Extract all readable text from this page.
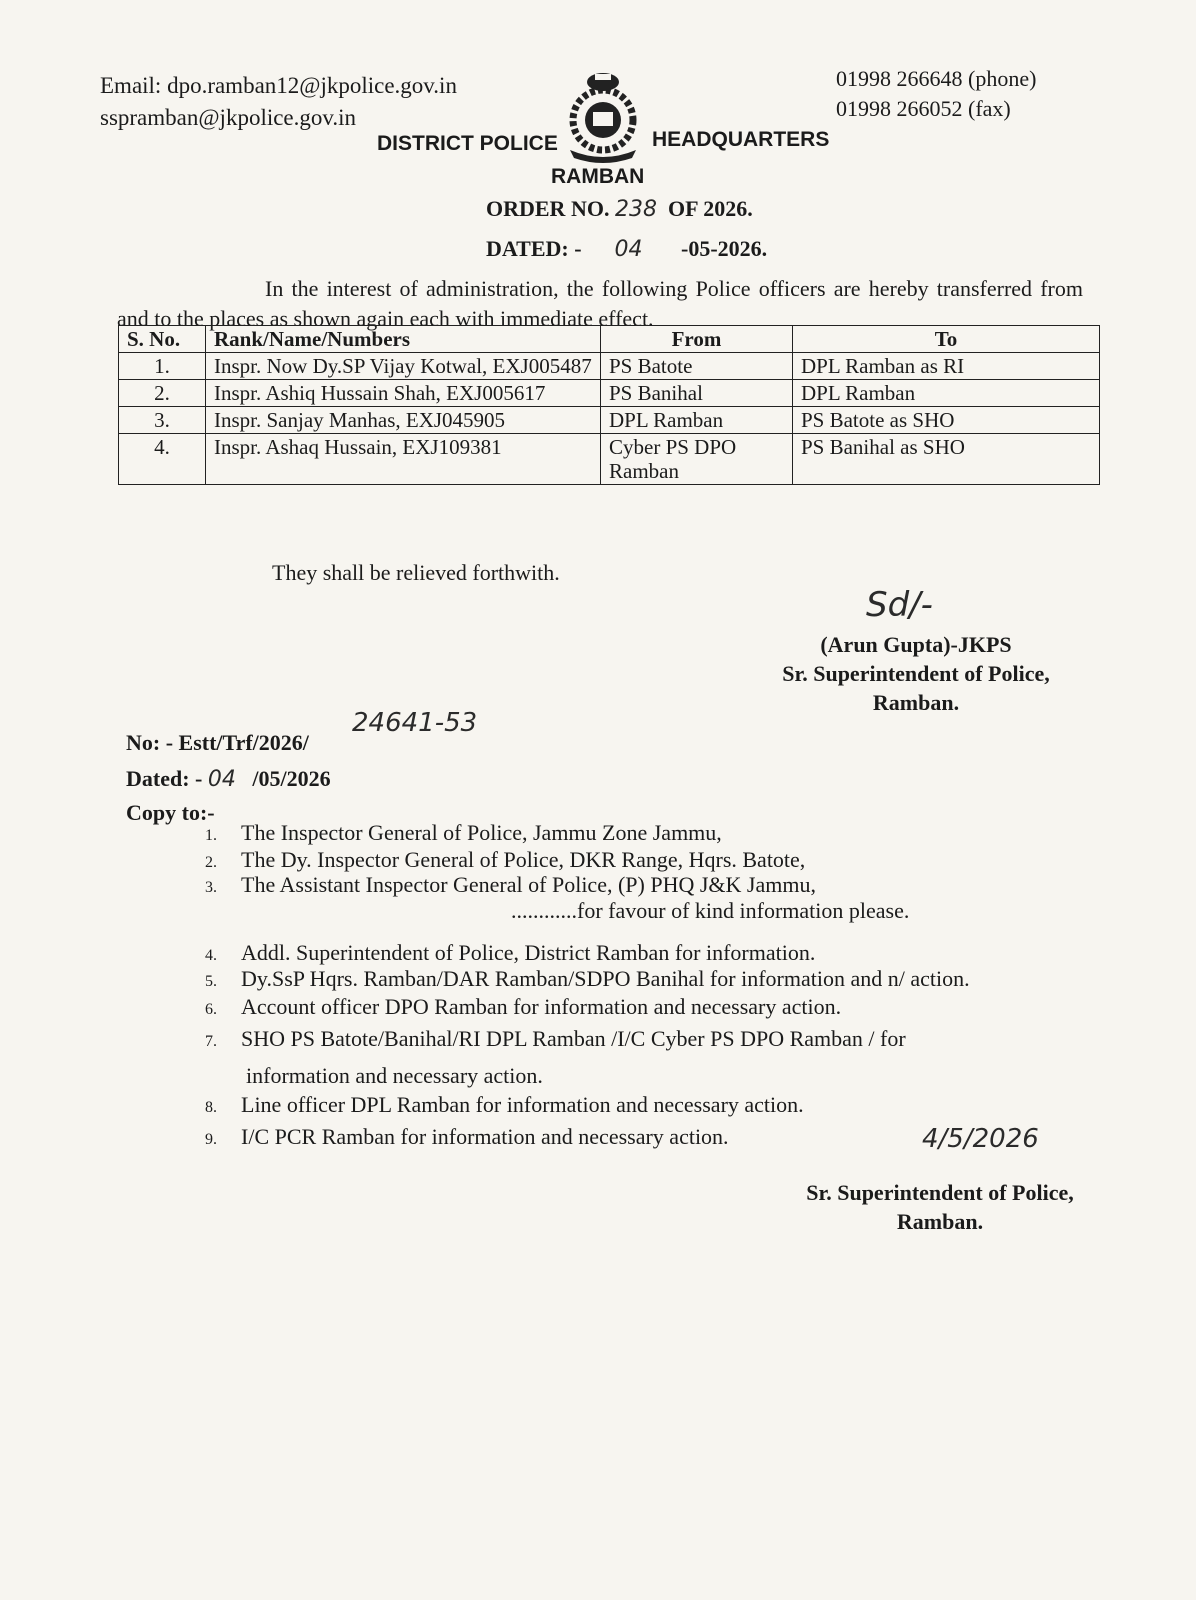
Email: dpo.ramban12@jkpolice.gov.in
sspramban@jkpolice.gov.in
01998 266648 (phone)
01998 266052 (fax)
DISTRICT POLICE	HEADQUARTERS
RAMBAN
ORDER NO. 238 OF 2026.
DATED: - 04 -05-2026.

In the interest of administration, the following Police officers are hereby transferred from and to the places as shown again each with immediate effect.

S. No.	Rank/Name/Numbers	From	To
1.	Inspr. Now Dy.SP Vijay Kotwal, EXJ005487	PS Batote	DPL Ramban as RI
2.	Inspr. Ashiq Hussain Shah, EXJ005617	PS Banihal	DPL Ramban
3.	Inspr. Sanjay Manhas, EXJ045905	DPL Ramban	PS Batote as SHO
4.	Inspr. Ashaq Hussain, EXJ109381	Cyber PS DPO Ramban	PS Banihal as SHO
They shall be relieved forthwith.
Sd/-
(Arun Gupta)-JKPS
Sr. Superintendent of Police,
Ramban.
No: - Estt/Trf/2026/
24641-53
Dated: - 04 /05/2026
Copy to:-
1. The Inspector General of Police, Jammu Zone Jammu,
2. The Dy. Inspector General of Police, DKR Range, Hqrs. Batote,
3. The Assistant Inspector General of Police, (P) PHQ J&K Jammu,
............for favour of kind information please.
4. Addl. Superintendent of Police, District Ramban for information.
5. Dy.SsP Hqrs. Ramban/DAR Ramban/SDPO Banihal for information and n/ action.
6. Account officer DPO Ramban for information and necessary action.
7. SHO PS Batote/Banihal/RI DPL Ramban /I/C Cyber PS DPO Ramban / for
information and necessary action.
8. Line officer DPL Ramban for information and necessary action.
9. I/C PCR Ramban for information and necessary action.	4/5/2026
Sr. Superintendent of Police,
Ramban.
